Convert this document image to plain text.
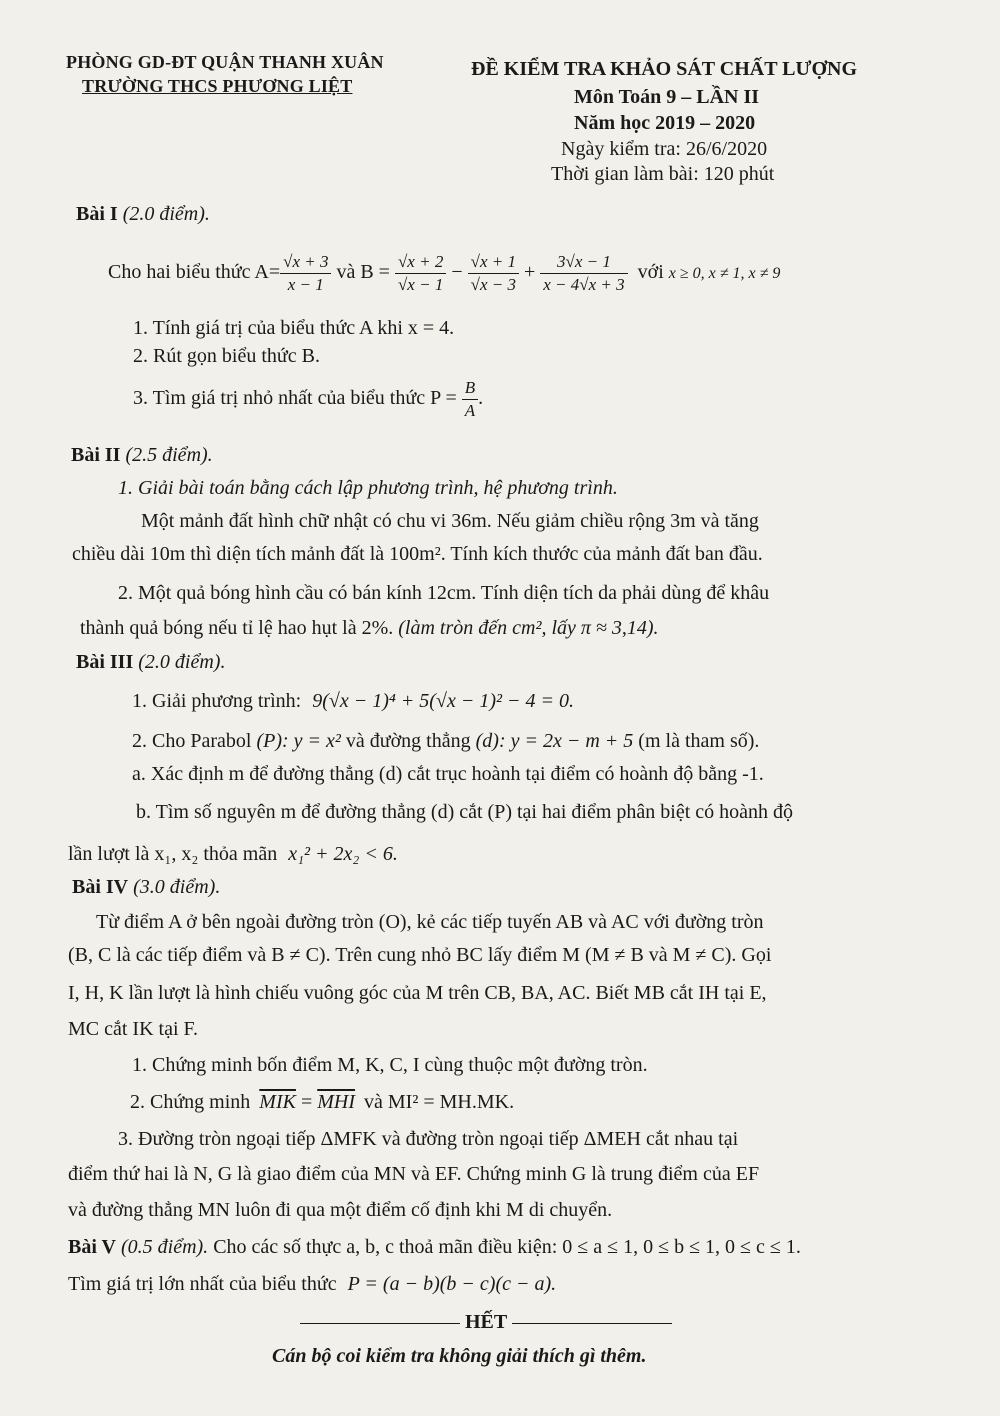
PHÒNG GD-ĐT QUẬN THANH XUÂN
TRƯỜNG THCS PHƯƠNG LIỆT
ĐỀ KIỂM TRA KHẢO SÁT CHẤT LƯỢNG
Môn Toán 9 – LẦN II
Năm học 2019 – 2020
Ngày kiểm tra: 26/6/2020
Thời gian làm bài: 120 phút
Bài I (2.0 điểm).
Cho hai biểu thức $A= \frac{√x + 3}{x - 1}$ và $B = \frac{√x + 2}{√x - 1} - \frac{√x + 1}{√x - 3} + \frac{3√x - 1}{x - 4√x + 3}$ với x ≥ 0, x ≠ 1, x ≠ 9
1. Tính giá trị của biểu thức A khi x = 4.
2. Rút gọn biểu thức B.
3. Tìm giá trị nhỏ nhất của biểu thức $P = \frac{B}{A}$ .
Bài II (2.5 điểm).
1. Giải bài toán bằng cách lập phương trình, hệ phương trình.
Một mảnh đất hình chữ nhật có chu vi 36m. Nếu giảm chiều rộng 3m và tăng
chiều dài 10m thì diện tích mảnh đất là 100m². Tính kích thước của mảnh đất ban đầu.
2. Một quả bóng hình cầu có bán kính 12cm. Tính diện tích da phải dùng để khâu
thành quả bóng nếu tỉ lệ hao hụt là 2%. (làm tròn đến cm², lấy π ≈ 3,14).
Bài III (2.0 điểm).
1. Giải phương trình: 9(√x − 1)⁴ + 5(√x − 1)² − 4 = 0.
2. Cho Parabol (P): y = x² và đường thẳng (d): y = 2x − m + 5 (m là tham số).
a. Xác định m để đường thẳng (d) cắt trục hoành tại điểm có hoành độ bằng -1.
b. Tìm số nguyên m để đường thẳng (d) cắt (P) tại hai điểm phân biệt có hoành độ
lần lượt là x₁, x₂ thỏa mãn x₁² + 2x₂ < 6.
Bài IV (3.0 điểm).
Từ điểm A ở bên ngoài đường tròn (O), kẻ các tiếp tuyến AB và AC với đường tròn
(B, C là các tiếp điểm và B ≠ C). Trên cung nhỏ BC lấy điểm M (M ≠ B và M ≠ C). Gọi
I, H, K lần lượt là hình chiếu vuông góc của M trên CB, BA, AC. Biết MB cắt IH tại E,
MC cắt IK tại F.
1. Chứng minh bốn điểm M, K, C, I cùng thuộc một đường tròn.
2. Chứng minh $\overline{MIK} = \overline{MHI}$ và MI² = MH.MK.
3. Đường tròn ngoại tiếp ΔMFK và đường tròn ngoại tiếp ΔMEH cắt nhau tại
điểm thứ hai là N, G là giao điểm của MN và EF. Chứng minh G là trung điểm của EF
và đường thẳng MN luôn đi qua một điểm cố định khi M di chuyển.
Bài V (0.5 điểm). Cho các số thực a, b, c thoả mãn điều kiện: 0 ≤ a ≤ 1, 0 ≤ b ≤ 1, 0 ≤ c ≤ 1.
Tìm giá trị lớn nhất của biểu thức P = (a − b)(b − c)(c − a).
HẾT
Cán bộ coi kiểm tra không giải thích gì thêm.
